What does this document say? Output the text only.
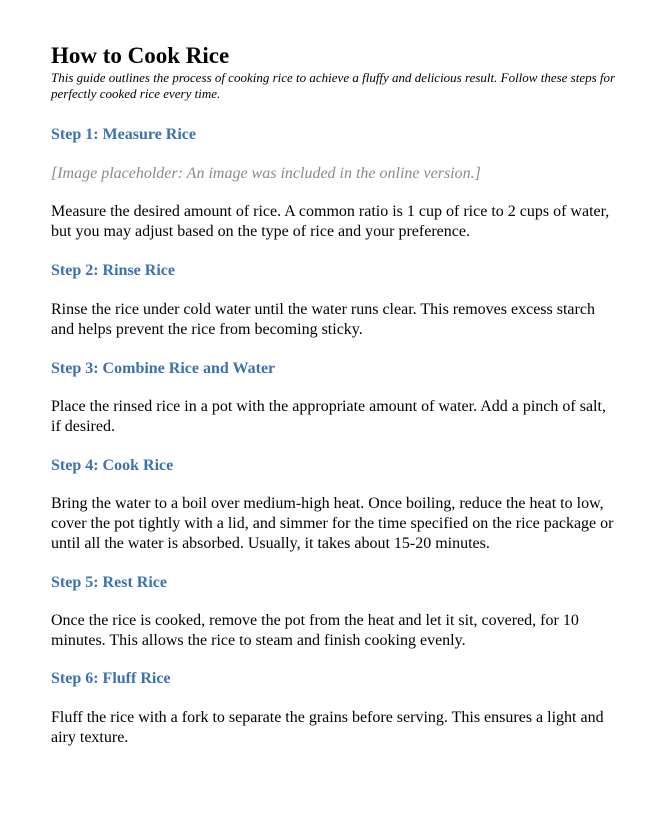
How to Cook Rice

This guide outlines the process of cooking rice to achieve a fluffy and delicious result. Follow these steps for perfectly cooked rice every time.

Step 1: Measure Rice

[Image placeholder: An image was included in the online version.]

Measure the desired amount of rice. A common ratio is 1 cup of rice to 2 cups of water, but you may adjust based on the type of rice and your preference.

Step 2: Rinse Rice

Rinse the rice under cold water until the water runs clear. This removes excess starch and helps prevent the rice from becoming sticky.

Step 3: Combine Rice and Water

Place the rinsed rice in a pot with the appropriate amount of water. Add a pinch of salt, if desired.

Step 4: Cook Rice

Bring the water to a boil over medium-high heat. Once boiling, reduce the heat to low, cover the pot tightly with a lid, and simmer for the time specified on the rice package or until all the water is absorbed. Usually, it takes about 15-20 minutes.

Step 5: Rest Rice

Once the rice is cooked, remove the pot from the heat and let it sit, covered, for 10 minutes. This allows the rice to steam and finish cooking evenly.

Step 6: Fluff Rice

Fluff the rice with a fork to separate the grains before serving. This ensures a light and airy texture.
